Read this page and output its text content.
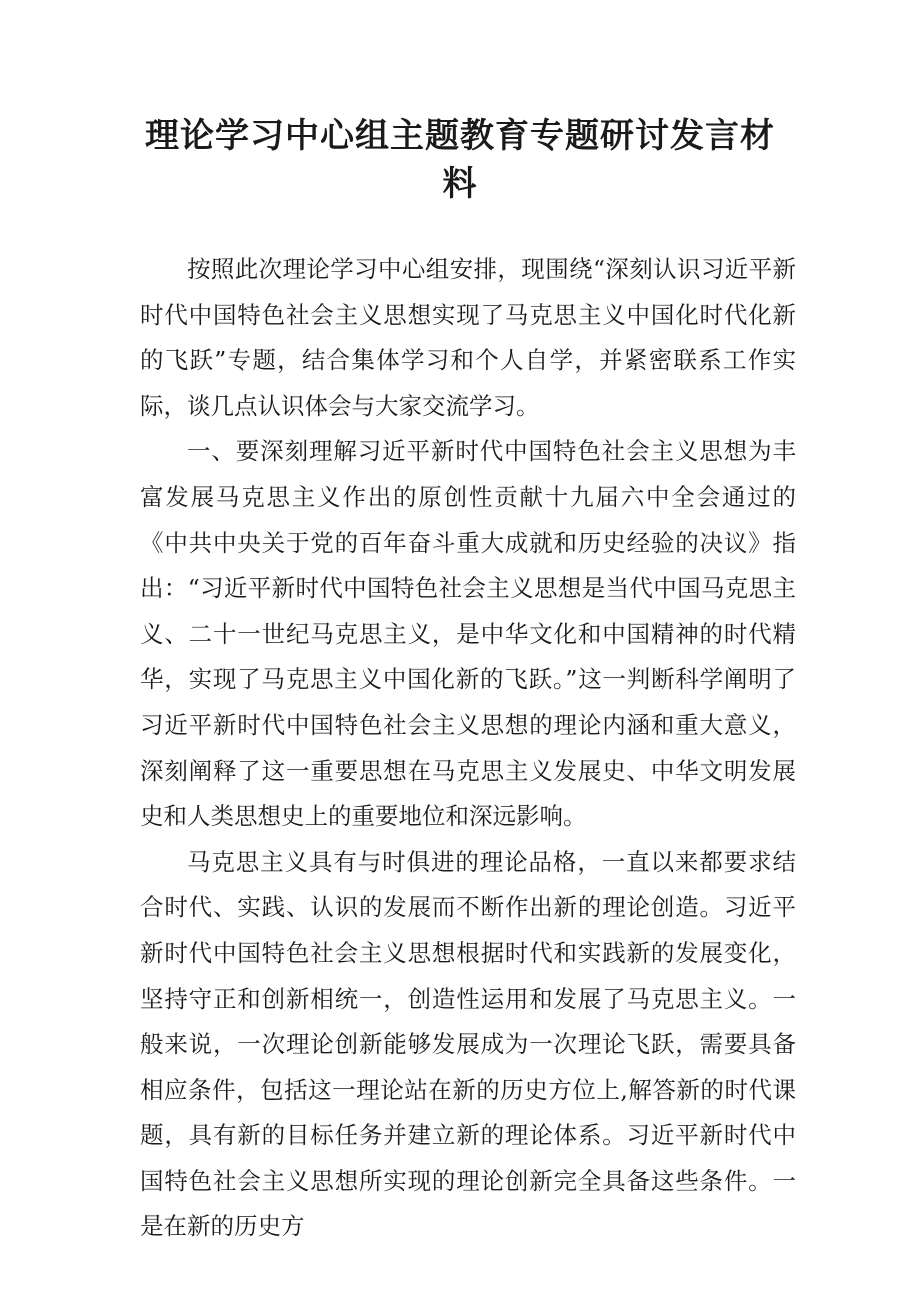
理论学习中心组主题教育专题研讨发言材料

按照此次理论学习中心组安排，现围绕“深刻认识习近平新时代中国特色社会主义思想实现了马克思主义中国化时代化新的飞跃”专题，结合集体学习和个人自学，并紧密联系工作实际，谈几点认识体会与大家交流学习。

一、要深刻理解习近平新时代中国特色社会主义思想为丰富发展马克思主义作出的原创性贡献十九届六中全会通过的《中共中央关于党的百年奋斗重大成就和历史经验的决议》指出：“习近平新时代中国特色社会主义思想是当代中国马克思主义、二十一世纪马克思主义，是中华文化和中国精神的时代精华，实现了马克思主义中国化新的飞跃。”这一判断科学阐明了习近平新时代中国特色社会主义思想的理论内涵和重大意义，深刻阐释了这一重要思想在马克思主义发展史、中华文明发展史和人类思想史上的重要地位和深远影响。

马克思主义具有与时俱进的理论品格，一直以来都要求结合时代、实践、认识的发展而不断作出新的理论创造。习近平新时代中国特色社会主义思想根据时代和实践新的发展变化，坚持守正和创新相统一，创造性运用和发展了马克思主义。一般来说，一次理论创新能够发展成为一次理论飞跃，需要具备相应条件，包括这一理论站在新的历史方位上,解答新的时代课题，具有新的目标任务并建立新的理论体系。习近平新时代中国特色社会主义思想所实现的理论创新完全具备这些条件。一是在新的历史方
